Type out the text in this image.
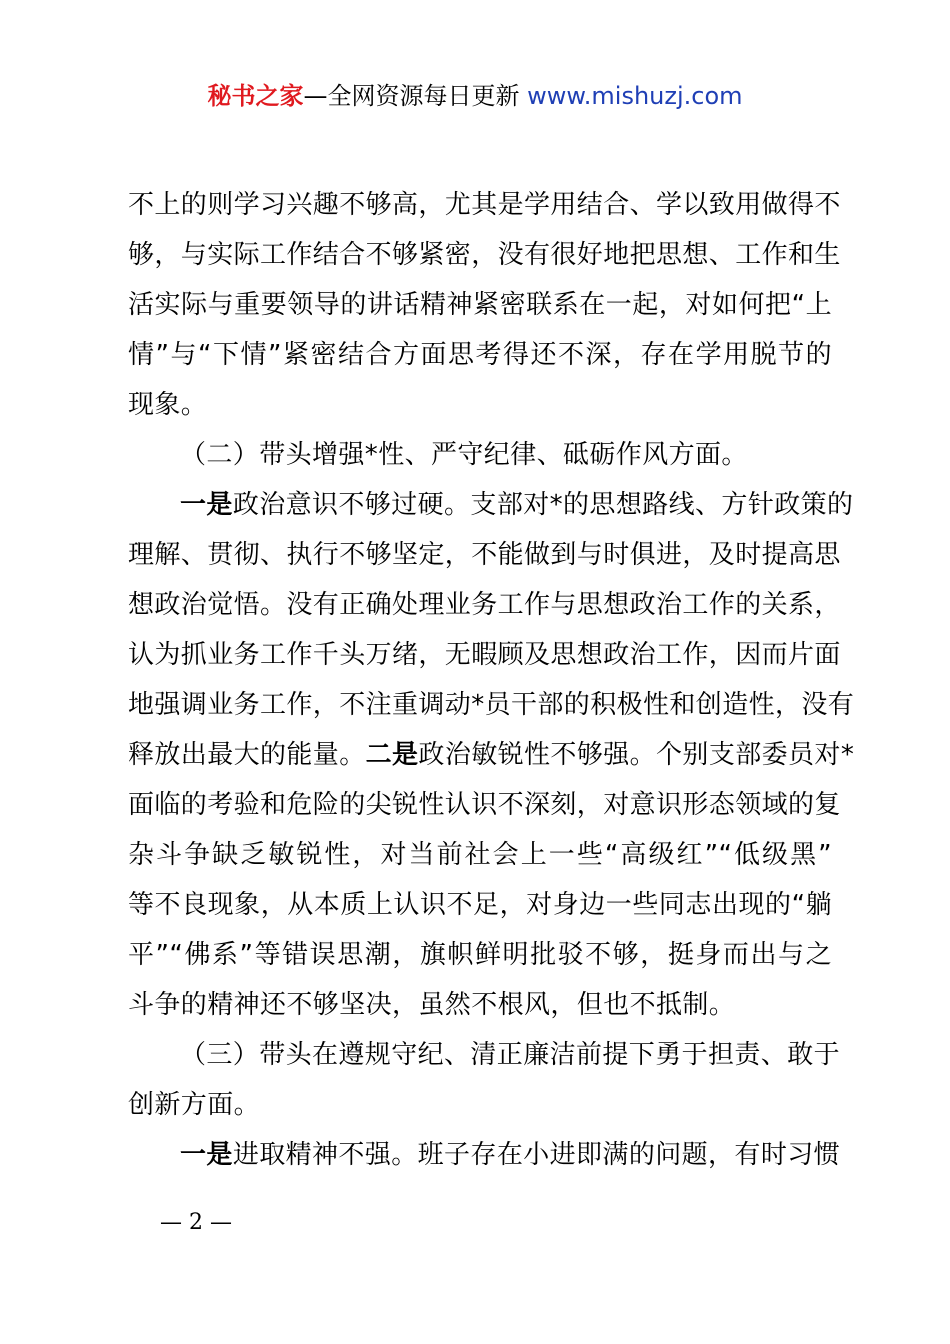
秘书之家—全网资源每日更新 www.mishuzj.com
不上的则学习兴趣不够高，尤其是学用结合、学以致用做得不
够，与实际工作结合不够紧密，没有很好地把思想、工作和生
活实际与重要领导的讲话精神紧密联系在一起，对如何把“上
情”与“下情”紧密结合方面思考得还不深，存在学用脱节的
现象。
（二）带头增强*性、严守纪律、砥砺作风方面。
一是政治意识不够过硬。支部对*的思想路线、方针政策的
理解、贯彻、执行不够坚定，不能做到与时俱进，及时提高思
想政治觉悟。没有正确处理业务工作与思想政治工作的关系，
认为抓业务工作千头万绪，无暇顾及思想政治工作，因而片面
地强调业务工作，不注重调动*员干部的积极性和创造性，没有
释放出最大的能量。二是政治敏锐性不够强。个别支部委员对*
面临的考验和危险的尖锐性认识不深刻，对意识形态领域的复
杂斗争缺乏敏锐性，对当前社会上一些“高级红”“低级黑”
等不良现象，从本质上认识不足，对身边一些同志出现的“躺
平”“佛系”等错误思潮，旗帜鲜明批驳不够，挺身而出与之
斗争的精神还不够坚决，虽然不根风，但也不抵制。
（三）带头在遵规守纪、清正廉洁前提下勇于担责、敢于
创新方面。
一是进取精神不强。班子存在小进即满的问题，有时习惯
— 2 —
